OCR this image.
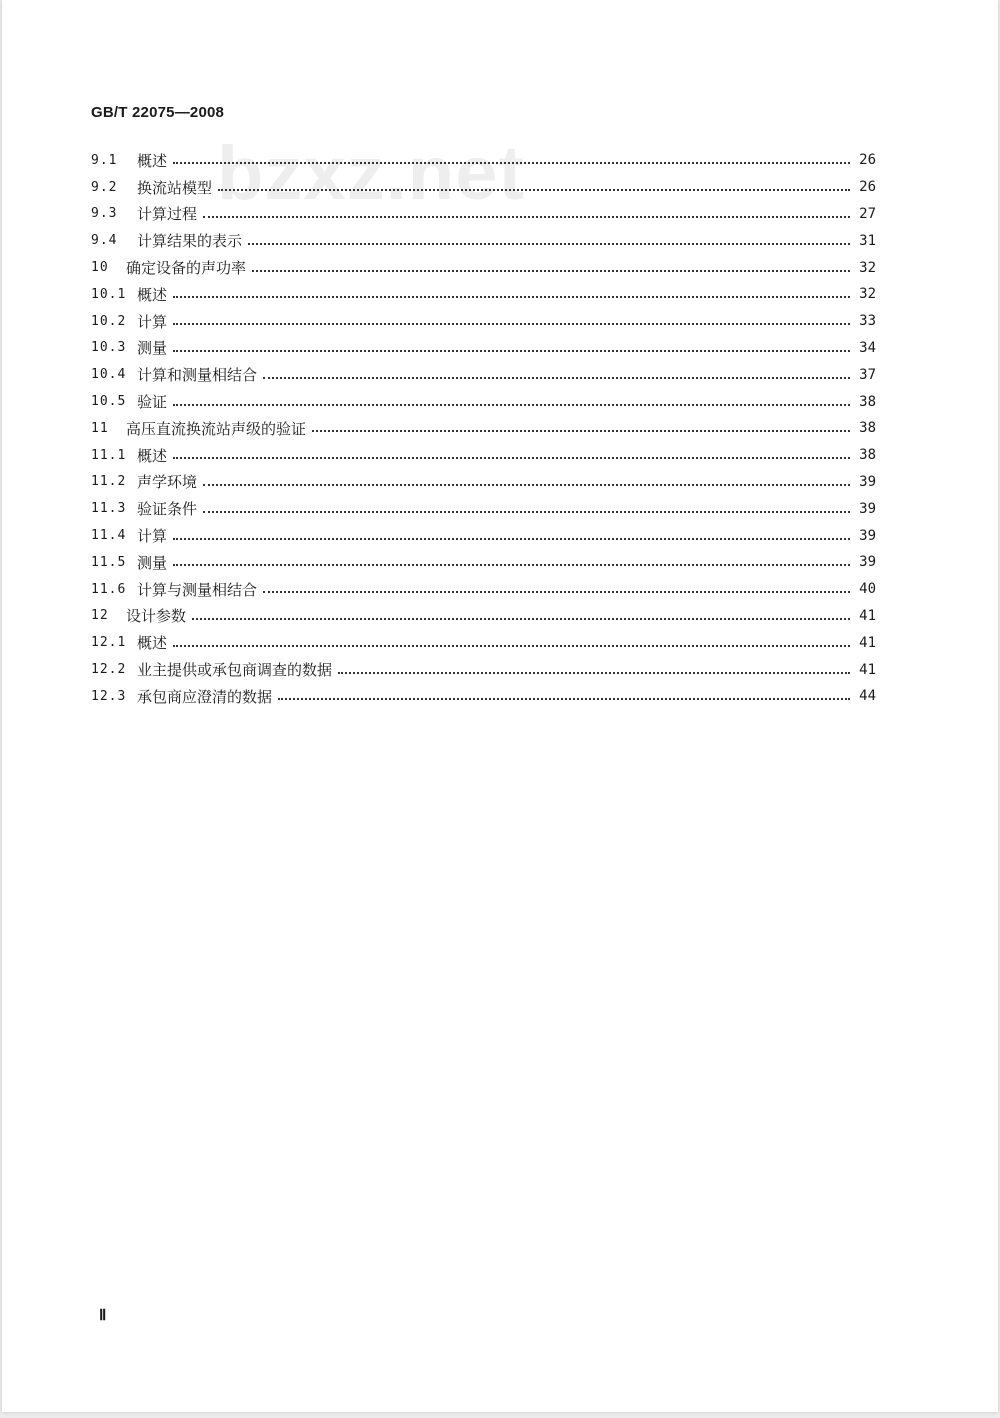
GB/T 22075—2008
bzxz.net
9.1	概述	26
9.2	换流站模型	26
9.3	计算过程	27
9.4	计算结果的表示	31
10	确定设备的声功率	32
10.1 概述	32
10.2 计算	33
10.3 测量	34
10.4 计算和测量相结合	37
10.5 验证	38
11	高压直流换流站声级的验证	38
11.1 概述	38
11.2 声学环境	39
11.3 验证条件	39
11.4 计算	39
11.5 测量	39
11.6 计算与测量相结合	40
12	设计参数	41
12.1 概述	41
12.2 业主提供或承包商调查的数据	41
12.3 承包商应澄清的数据	44
Ⅱ
